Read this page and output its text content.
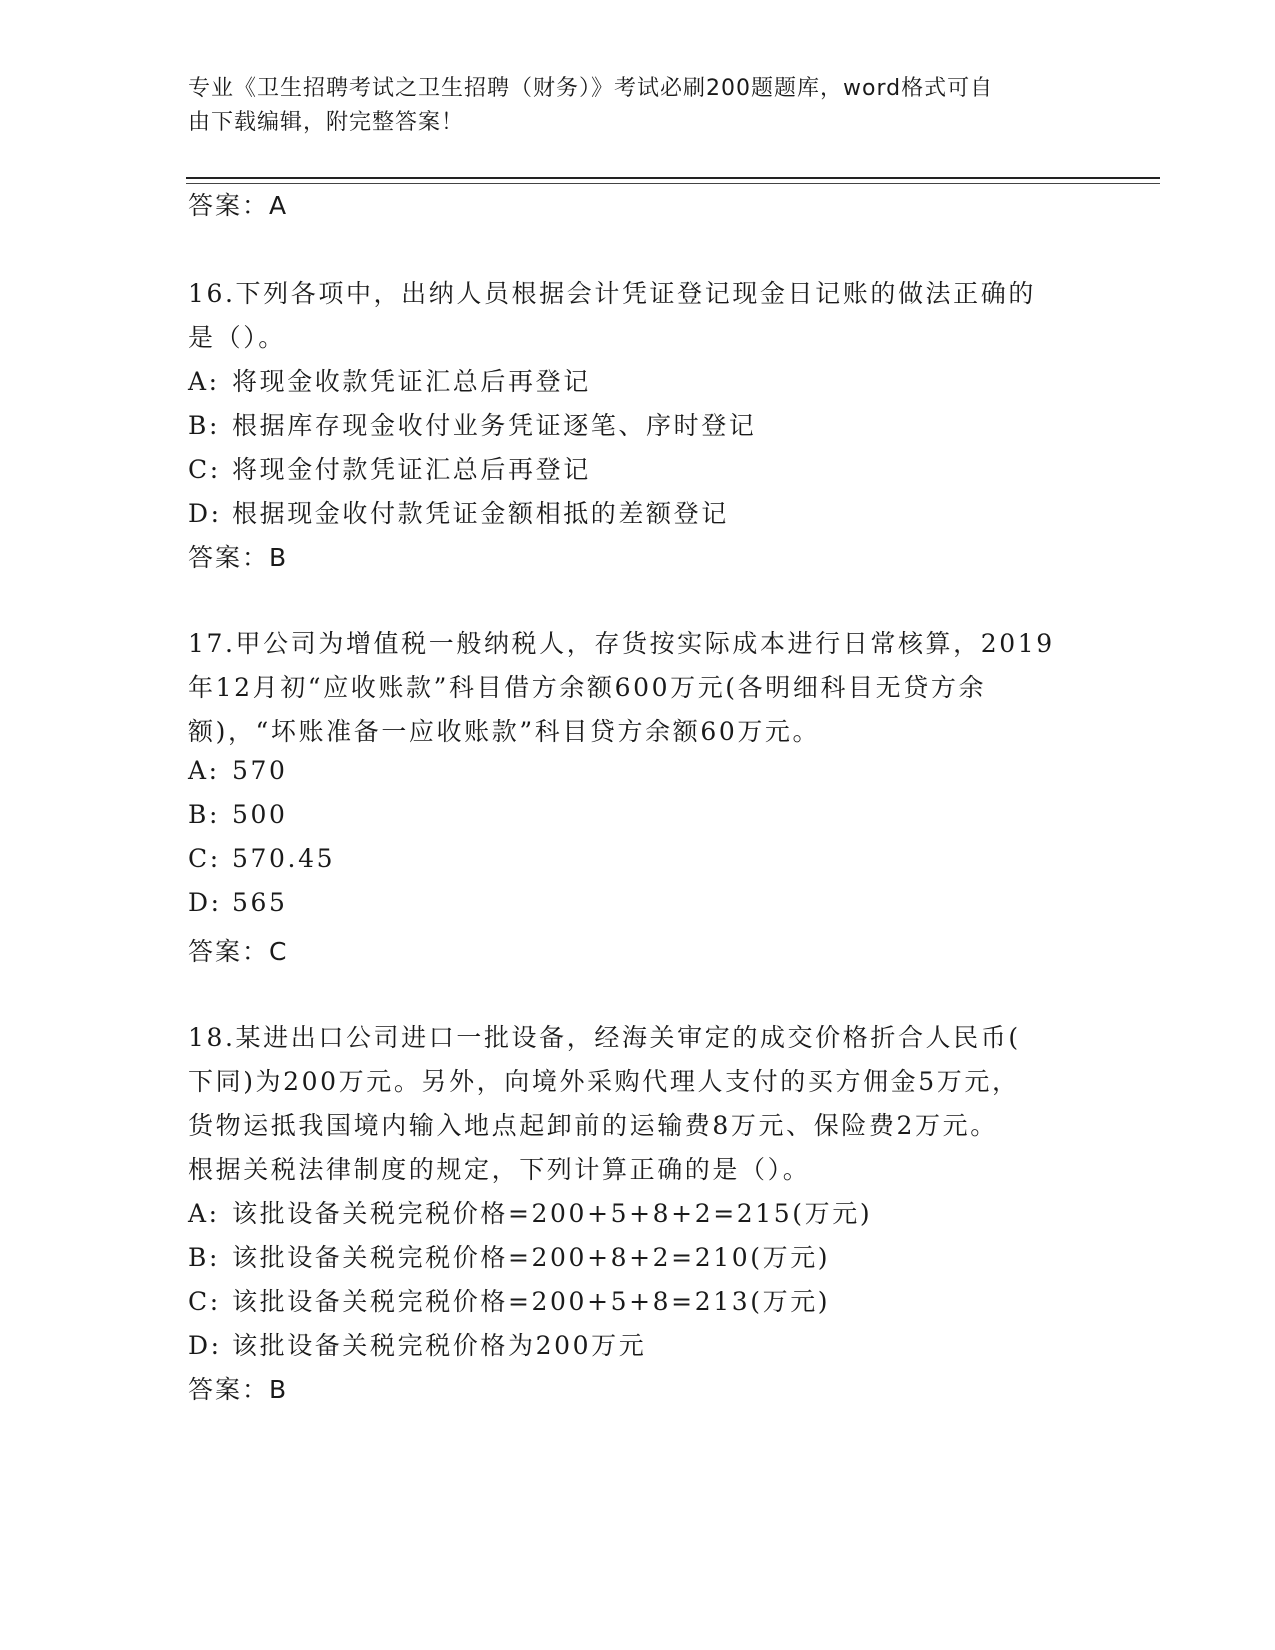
专业《卫生招聘考试之卫生招聘（财务）》考试必刷200题题库，word格式可自
由下载编辑，附完整答案！
答案：A
16.下列各项中，出纳人员根据会计凭证登记现金日记账的做法正确的
是（）。
A: 将现金收款凭证汇总后再登记
B: 根据库存现金收付业务凭证逐笔、序时登记
C: 将现金付款凭证汇总后再登记
D: 根据现金收付款凭证金额相抵的差额登记
答案：B
17.甲公司为增值税一般纳税人，存货按实际成本进行日常核算，2019
年12月初“应收账款”科目借方余额600万元(各明细科目无贷方余
额)，“坏账准备一应收账款”科目贷方余额60万元。
A: 570
B: 500
C: 570.45
D: 565
答案：C
18.某进出口公司进口一批设备，经海关审定的成交价格折合人民币(
下同)为200万元。另外，向境外采购代理人支付的买方佣金5万元，
货物运抵我国境内输入地点起卸前的运输费8万元、保险费2万元。
根据关税法律制度的规定，下列计算正确的是（）。
A: 该批设备关税完税价格=200+5+8+2=215(万元)
B: 该批设备关税完税价格=200+8+2=210(万元)
C: 该批设备关税完税价格=200+5+8=213(万元)
D: 该批设备关税完税价格为200万元
答案：B
